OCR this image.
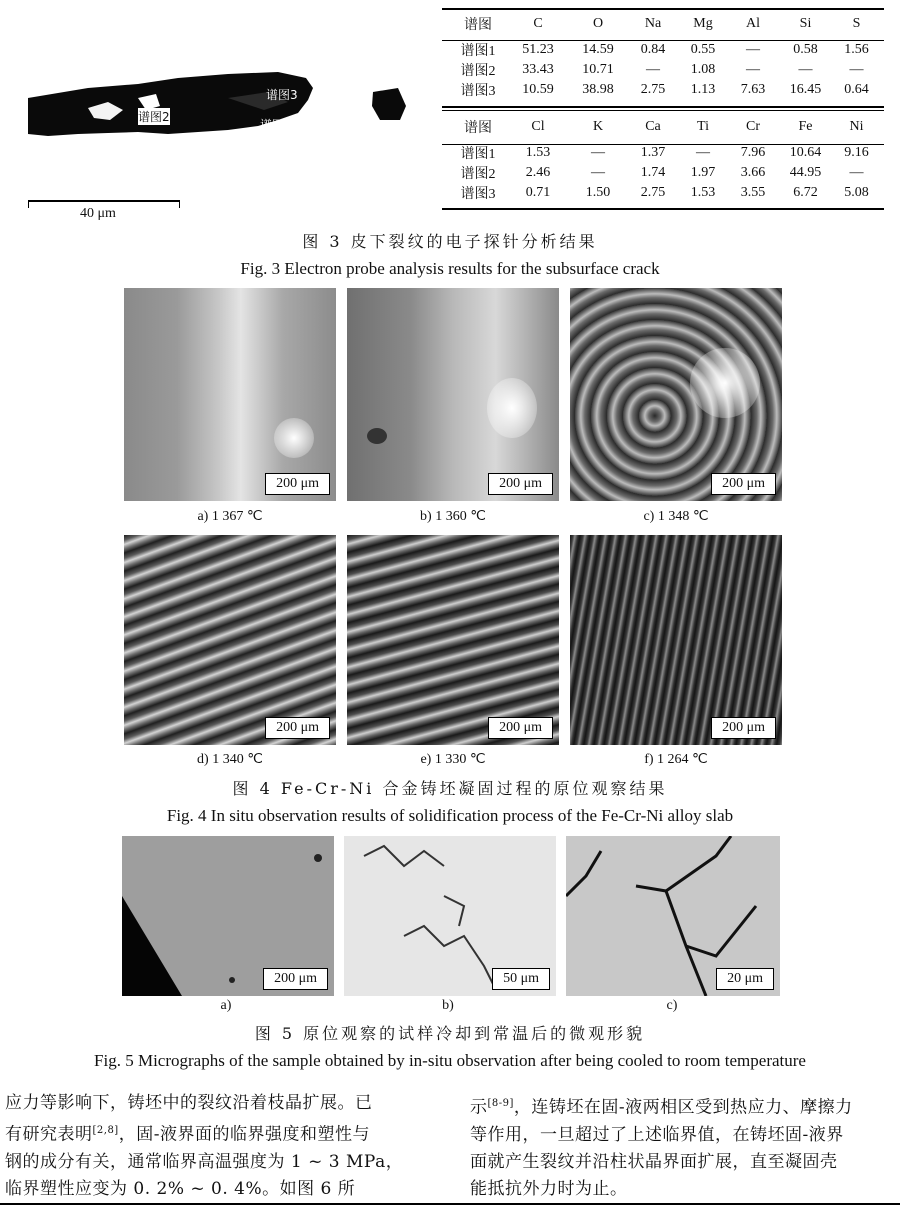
谱图3
谱图2
谱图1
40 μm
谱图	C	O	Na	Mg	Al	Si	S

谱图1	51.23	14.59	0.84	0.55	—	0.58	1.56
谱图2	33.43	10.71	—	1.08	—	—	—
谱图3	10.59	38.98	2.75	1.13	7.63	16.45	0.64
谱图	Cl	K	Ca	Ti	Cr	Fe	Ni

谱图1	1.53	—	1.37	—	7.96	10.64	9.16
谱图2	2.46	—	1.74	1.97	3.66	44.95	—
谱图3	0.71	1.50	2.75	1.53	3.55	6.72	5.08
图 3 皮下裂纹的电子探针分析结果
Fig. 3 Electron probe analysis results for the subsurface crack
200 μm
a) 1 367 ℃
200 μm
b) 1 360 ℃
200 μm
c) 1 348 ℃
200 μm
d) 1 340 ℃
200 μm
e) 1 330 ℃
200 μm
f) 1 264 ℃
图 4 Fe-Cr-Ni 合金铸坯凝固过程的原位观察结果
Fig. 4 In situ observation results of solidification process of the Fe-Cr-Ni alloy slab
200 μm
a)
50 μm
b)
20 μm
c)
图 5 原位观察的试样冷却到常温后的微观形貌
Fig. 5 Micrographs of the sample obtained by in-situ observation after being cooled to room temperature
应力等影响下，铸坯中的裂纹沿着枝晶扩展。已
有研究表明[2,8]，固-液界面的临界强度和塑性与
钢的成分有关，通常临界高温强度为 1 ~ 3 MPa，
临界塑性应变为 0. 2% ~ 0. 4%。如图 6 所
示[8-9]，连铸坯在固-液两相区受到热应力、摩擦力
等作用，一旦超过了上述临界值，在铸坯固-液界
面就产生裂纹并沿柱状晶界面扩展，直至凝固壳
能抵抗外力时为止。
